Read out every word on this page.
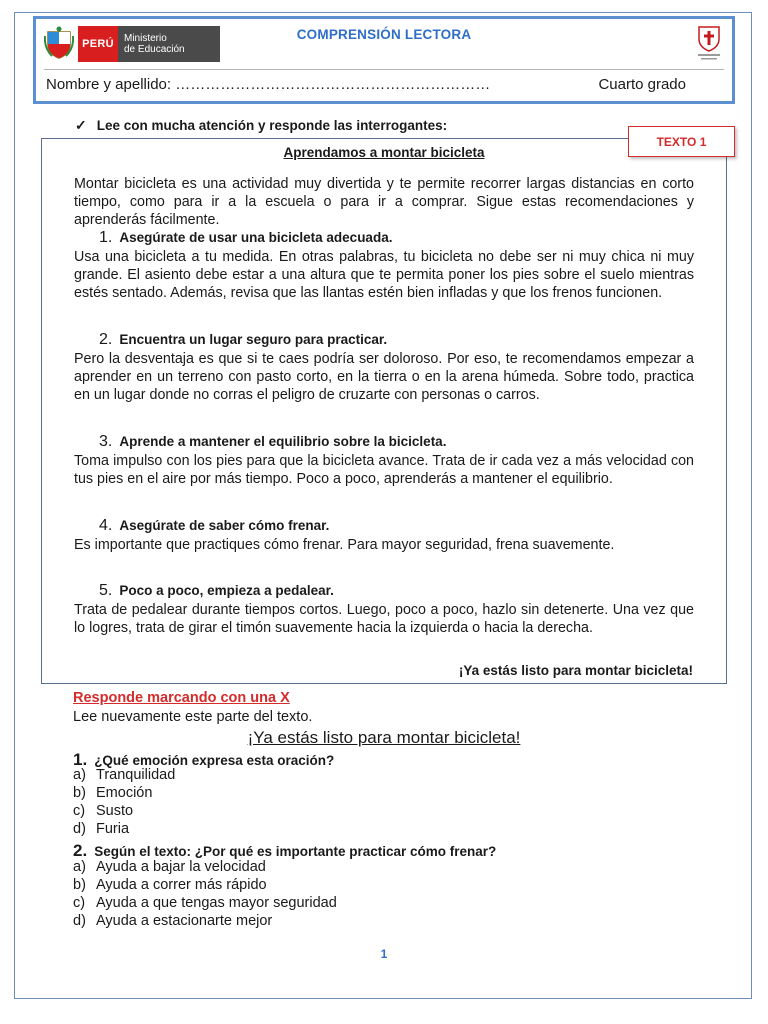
PERÚ	Ministerio
de Educación
COMPRENSIÓN LECTORA
Nombre y apellido: ………………………………………………………	Cuarto grado
✓ Lee con mucha atención y responde las interrogantes:
Aprendamos a montar bicicleta
Montar bicicleta es una actividad muy divertida y te permite recorrer largas distancias en corto tiempo, como para ir a la escuela o para ir a comprar. Sigue estas recomendaciones y aprenderás fácilmente.
1. Asegúrate de usar una bicicleta adecuada.
Usa una bicicleta a tu medida. En otras palabras, tu bicicleta no debe ser ni muy chica ni muy grande. El asiento debe estar a una altura que te permita poner los pies sobre el suelo mientras estés sentado. Además, revisa que las llantas estén bien infladas y que los frenos funcionen.
2. Encuentra un lugar seguro para practicar.
Pero la desventaja es que si te caes podría ser doloroso. Por eso, te recomendamos empezar a aprender en un terreno con pasto corto, en la tierra o en la arena húmeda. Sobre todo, practica en un lugar donde no corras el peligro de cruzarte con personas o carros.
3. Aprende a mantener el equilibrio sobre la bicicleta.
Toma impulso con los pies para que la bicicleta avance. Trata de ir cada vez a más velocidad con tus pies en el aire por más tiempo. Poco a poco, aprenderás a mantener el equilibrio.
4. Asegúrate de saber cómo frenar.
Es importante que practiques cómo frenar. Para mayor seguridad, frena suavemente.
5. Poco a poco, empieza a pedalear.
Trata de pedalear durante tiempos cortos. Luego, poco a poco, hazlo sin detenerte. Una vez que lo logres, trata de girar el timón suavemente hacia la izquierda o hacia la derecha.
¡Ya estás listo para montar bicicleta!
TEXTO 1
Responde marcando con una X
Lee nuevamente este parte del texto.
¡Ya estás listo para montar bicicleta!
1. ¿Qué emoción expresa esta oración?
a) Tranquilidad
b) Emoción
c) Susto
d) Furia
2. Según el texto: ¿Por qué es importante practicar cómo frenar?
a) Ayuda a bajar la velocidad
b) Ayuda a correr más rápido
c) Ayuda a que tengas mayor seguridad
d) Ayuda a estacionarte mejor
1
